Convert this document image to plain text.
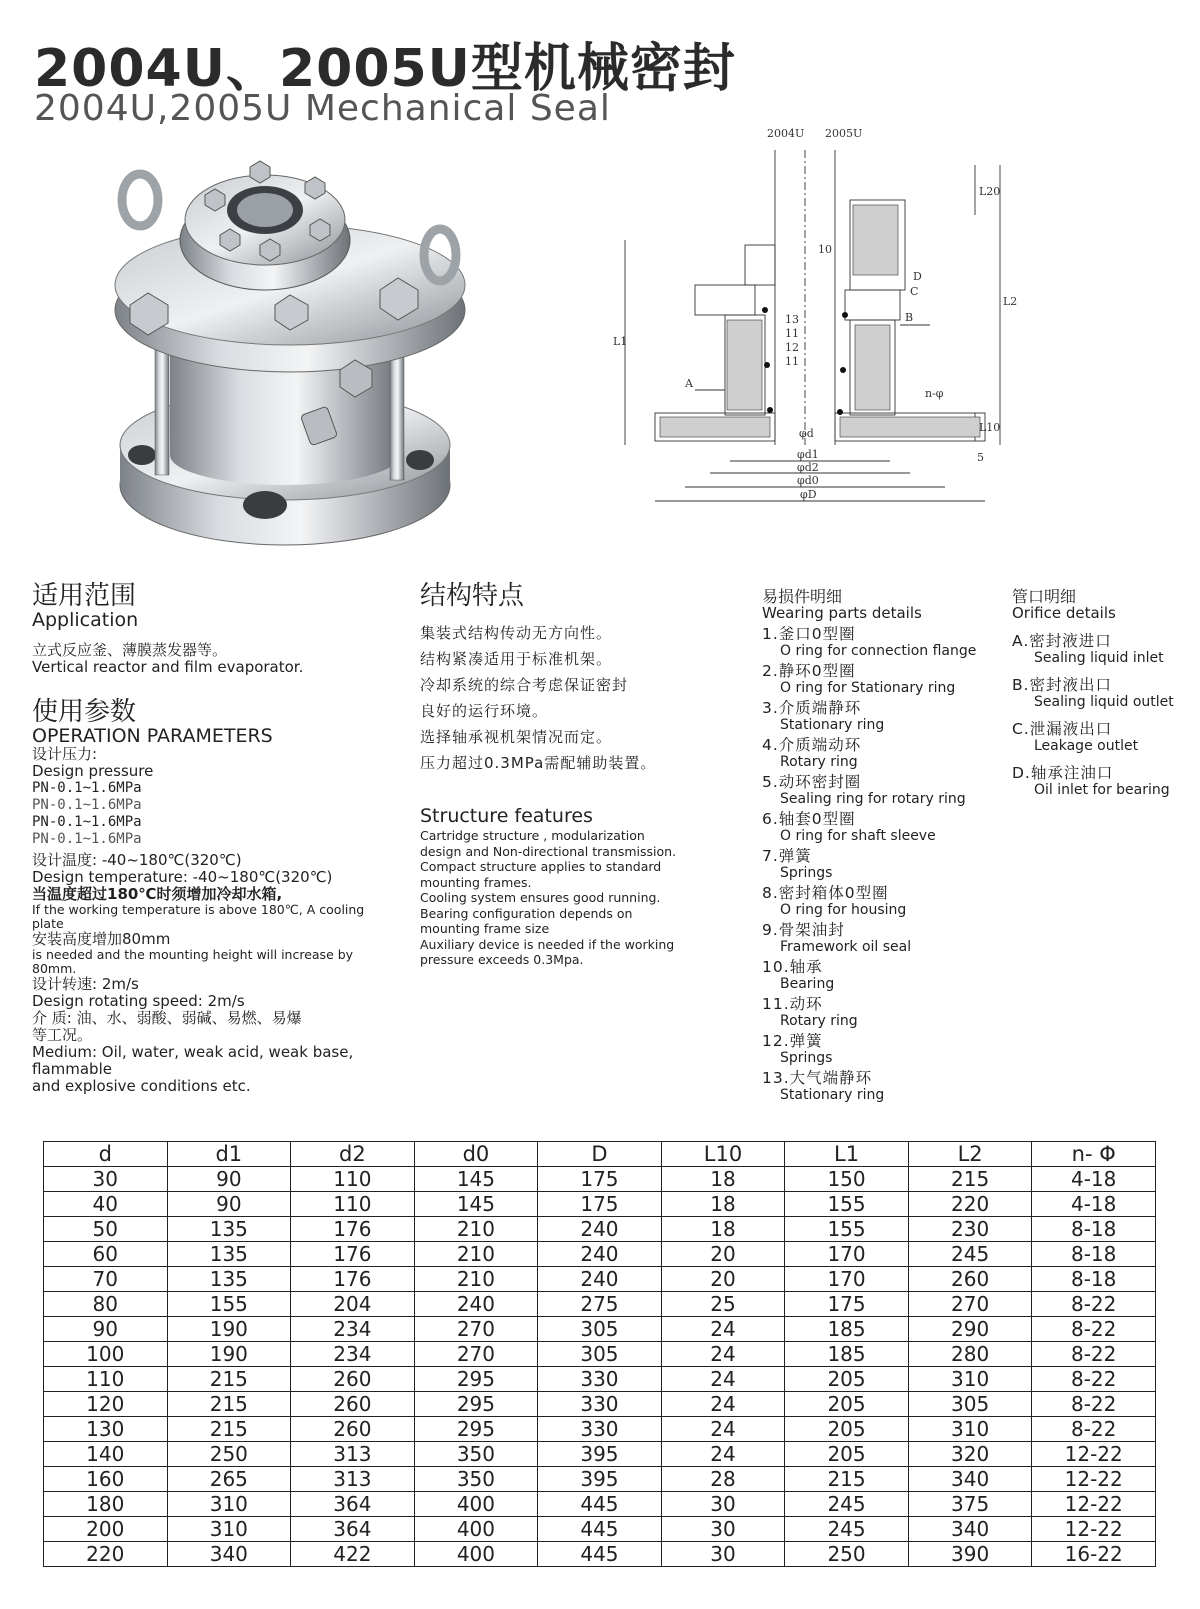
2004U、2005U型机械密封
2004U,2005U Mechanical Seal
2004U 2005U
L20
L1
L2
L10
n-φ
5
A
B
C
D
10
13
11
12
11
φd
φd1
φd2
φd0
φD
适用范围
Application
立式反应釜、薄膜蒸发器等。
Vertical reactor and film evaporator.
使用参数
OPERATION PARAMETERS
设计压力:
Design pressure
PN-0.1~1.6MPa
PN-0.1~1.6MPa
PN-0.1~1.6MPa
PN-0.1~1.6MPa
设计温度: -40~180℃(320℃)
Design temperature: -40~180℃(320℃)
当温度超过180℃时须增加冷却水箱,
If the working temperature is above 180℃, A cooling plate
安装高度增加80mm
is needed and the mounting height will increase by 80mm.
设计转速: 2m/s
Design rotating speed: 2m/s
介 质: 油、水、弱酸、弱碱、易燃、易爆
等工况。
Medium: Oil, water, weak acid, weak base, flammable
and explosive conditions etc.
结构特点
集装式结构传动无方向性。
结构紧凑适用于标准机架。
冷却系统的综合考虑保证密封
良好的运行环境。
选择轴承视机架情况而定。
压力超过0.3MPa需配辅助装置。
Structure features
Cartridge structure , modularization
design and Non-directional transmission.
Compact structure applies to standard
mounting frames.
Cooling system ensures good running.
Bearing configuration depends on
mounting frame size
Auxiliary device is needed if the working
pressure exceeds 0.3Mpa.
易损件明细
Wearing parts details
1.釜口0型圈
O ring for connection flange
2.静环0型圈
O ring for Stationary ring
3.介质端静环
Stationary ring
4.介质端动环
Rotary ring
5.动环密封圈
Sealing ring for rotary ring
6.轴套0型圈
O ring for shaft sleeve
7.弹簧
Springs
8.密封箱体0型圈
O ring for housing
9.骨架油封
Framework oil seal
10.轴承
Bearing
11.动环
Rotary ring
12.弹簧
Springs
13.大气端静环
Stationary ring
管口明细
Orifice details
A.密封液进口
Sealing liquid inlet
B.密封液出口
Sealing liquid outlet
C.泄漏液出口
Leakage outlet
D.轴承注油口
Oil inlet for bearing
d	d1	d2	d0	D	L10	L1	L2	n- Φ
30	90	110	145	175	18	150	215	4-18
40	90	110	145	175	18	155	220	4-18
50	135	176	210	240	18	155	230	8-18
60	135	176	210	240	20	170	245	8-18
70	135	176	210	240	20	170	260	8-18
80	155	204	240	275	25	175	270	8-22
90	190	234	270	305	24	185	290	8-22
100	190	234	270	305	24	185	280	8-22
110	215	260	295	330	24	205	310	8-22
120	215	260	295	330	24	205	305	8-22
130	215	260	295	330	24	205	310	8-22
140	250	313	350	395	24	205	320	12-22
160	265	313	350	395	28	215	340	12-22
180	310	364	400	445	30	245	375	12-22
200	310	364	400	445	30	245	340	12-22
220	340	422	400	445	30	250	390	16-22
